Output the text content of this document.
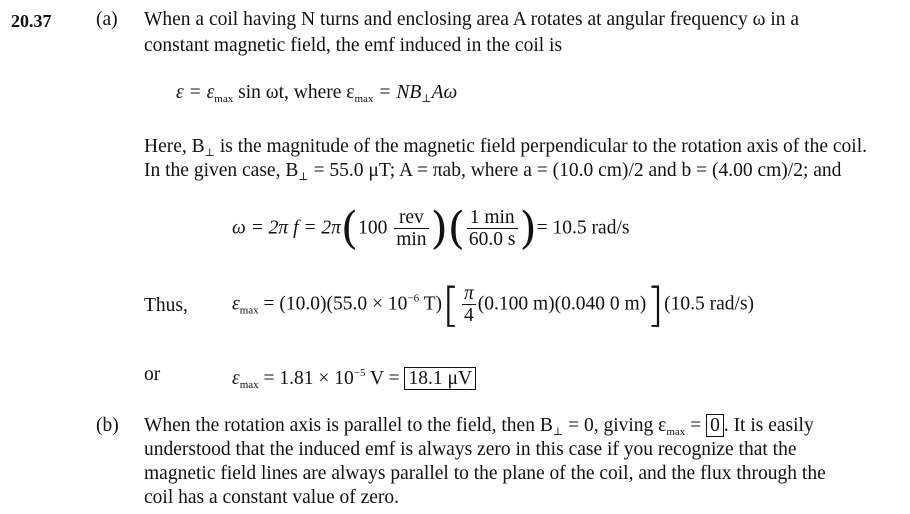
20.37 (a) When a coil having N turns and enclosing area A rotates at angular frequency ω in a
constant magnetic field, the emf induced in the coil is
$\varepsilon = \varepsilon_{max}$ sin ωt, where $\varepsilon_{max} = NB_\perp A\omega$
Here, $B_\perp$ is the magnitude of the magnetic field perpendicular to the rotation axis of the coil.
In the given case, $B_\perp = 55.0$ μT; A = πab, where a = (10.0 cm)/2 and b = (4.00 cm)/2; and
ω = 2π $f = 2\pi(100 \frac{\text{rev}}{\min}$ )( $\frac{1 \min}{60.0 s}$ )= 10.5 rad/s
Thus, $\varepsilon_{max} = (10.0)(55.0 \times 10^{-6}$ $T)[ \frac{\pi}{4} (0.100$ m)(0.040 0 m)](10.5 rad/s)
or	$\varepsilon_{max} = 1.81 \times 10^{-5}$ V = 18.1 μV
(b) When the rotation axis is parallel to the field, then $B_\perp = 0$, giving $\varepsilon_{max} = 0$ . It is easily
understood that the induced emf is always zero in this case if you recognize that the
magnetic field lines are always parallel to the plane of the coil, and the flux through the
coil has a constant value of zero.
